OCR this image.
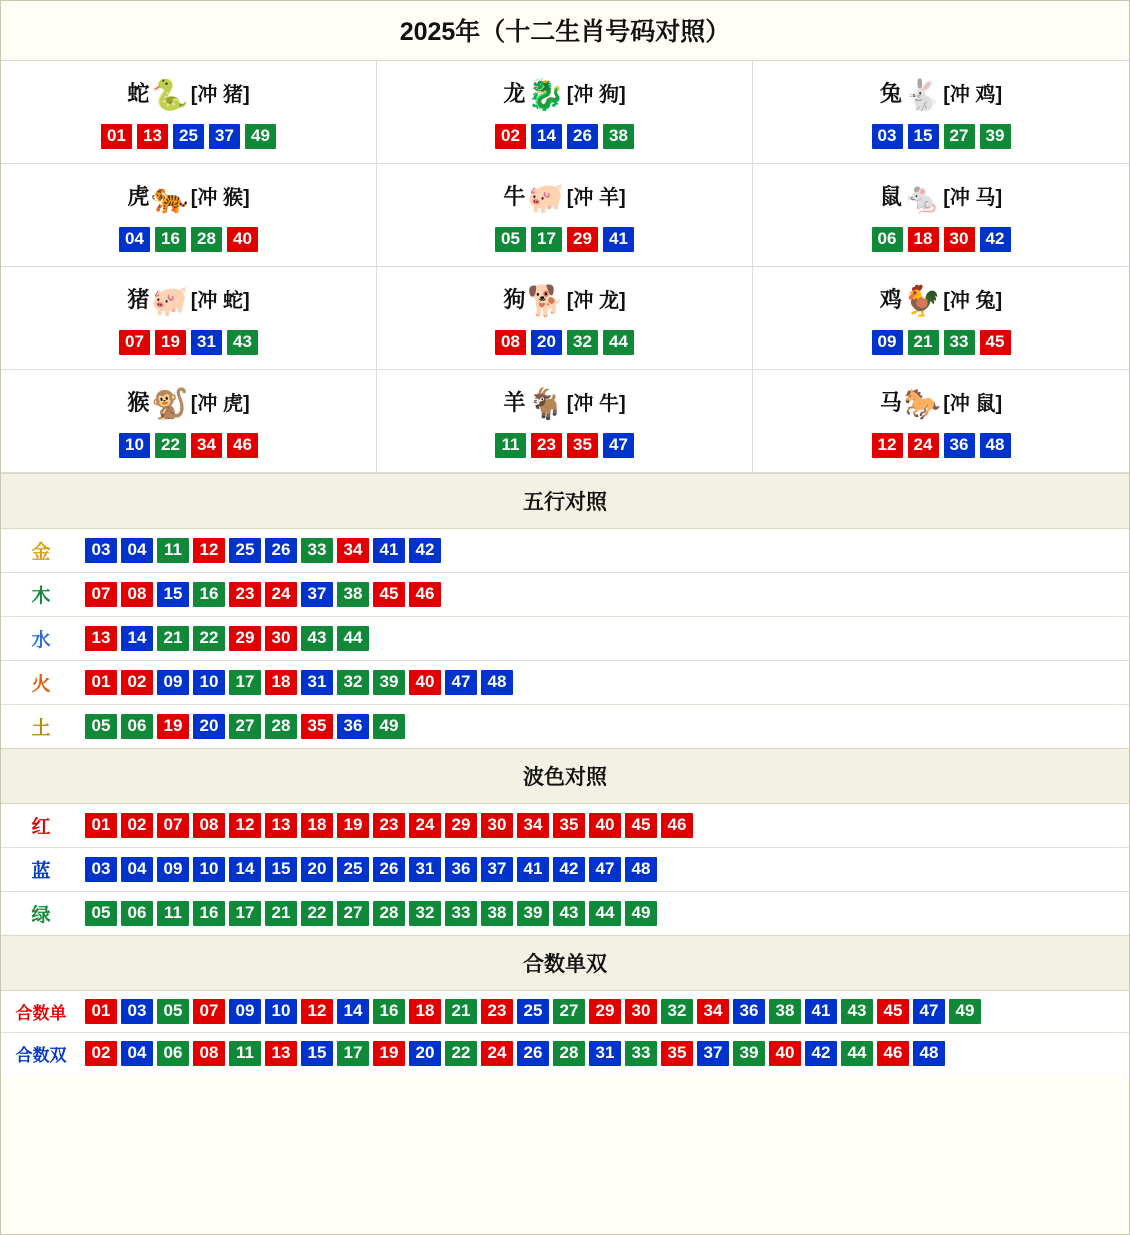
2025年（十二生肖号码对照）
蛇🐍 [冲 猪]
01	13	25	37	49
龙🐉 [冲 狗]
02	14	26	38
兔🐇 [冲 鸡]
03	15	27	39
虎🐅 [冲 猴]
04	16	28	40
牛🐖 [冲 羊]
05	17	29	41
鼠🐁 [冲 马]
06	18	30	42
猪🐖 [冲 蛇]
07	19	31	43
狗🐕 [冲 龙]
08	20	32	44
鸡🐓 [冲 兔]
09	21	33	45
猴🐒 [冲 虎]
10	22	34	46
羊🐐 [冲 牛]
11	23	35	47
马🐎 [冲 鼠]
12	24	36	48
五行对照
金	03	04	11	12	25	26	33	34	41	42
木	07	08	15	16	23	24	37	38	45	46
水	13	14	21	22	29	30	43	44
火	01	02	09	10	17	18	31	32	39	40	47	48
土	05	06	19	20	27	28	35	36	49
波色对照
红	01	02	07	08	12	13	18	19	23	24	29	30	34	35	40	45	46
蓝	03	04	09	10	14	15	20	25	26	31	36	37	41	42	47	48
绿	05	06	11	16	17	21	22	27	28	32	33	38	39	43	44	49
合数单双
合数单	01	03	05	07	09	10	12	14	16	18	21	23	25	27	29	30	32	34	36	38	41	43	45	47	49
合数双	02	04	06	08	11	13	15	17	19	20	22	24	26	28	31	33	35	37	39	40	42	44	46	48
